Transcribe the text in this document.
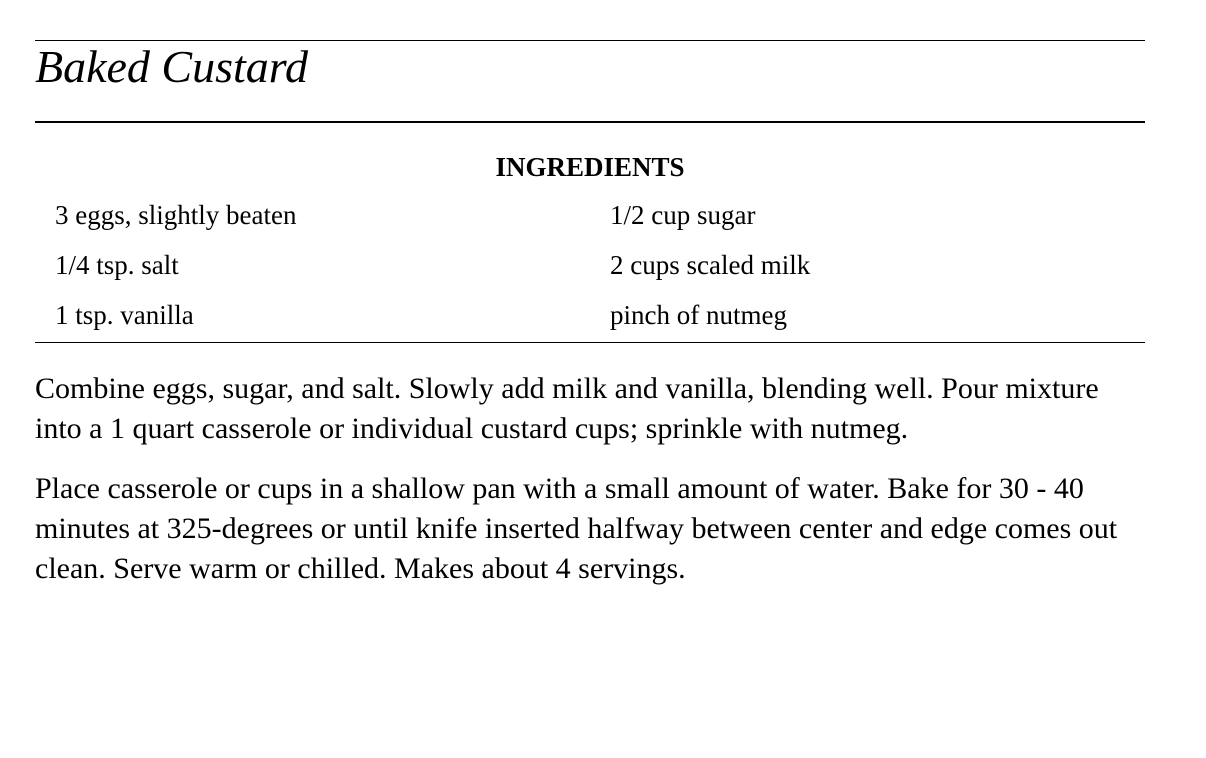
Baked Custard
INGREDIENTS
3 eggs, slightly beaten	1/2 cup sugar
1/4 tsp. salt	2 cups scaled milk
1 tsp. vanilla	pinch of nutmeg

Combine eggs, sugar, and salt. Slowly add milk and vanilla, blending well. Pour mixture into a 1 quart casserole or individual custard cups; sprinkle with nutmeg.

Place casserole or cups in a shallow pan with a small amount of water. Bake for 30 - 40 minutes at 325-degrees or until knife inserted halfway between center and edge comes out clean. Serve warm or chilled. Makes about 4 servings.
